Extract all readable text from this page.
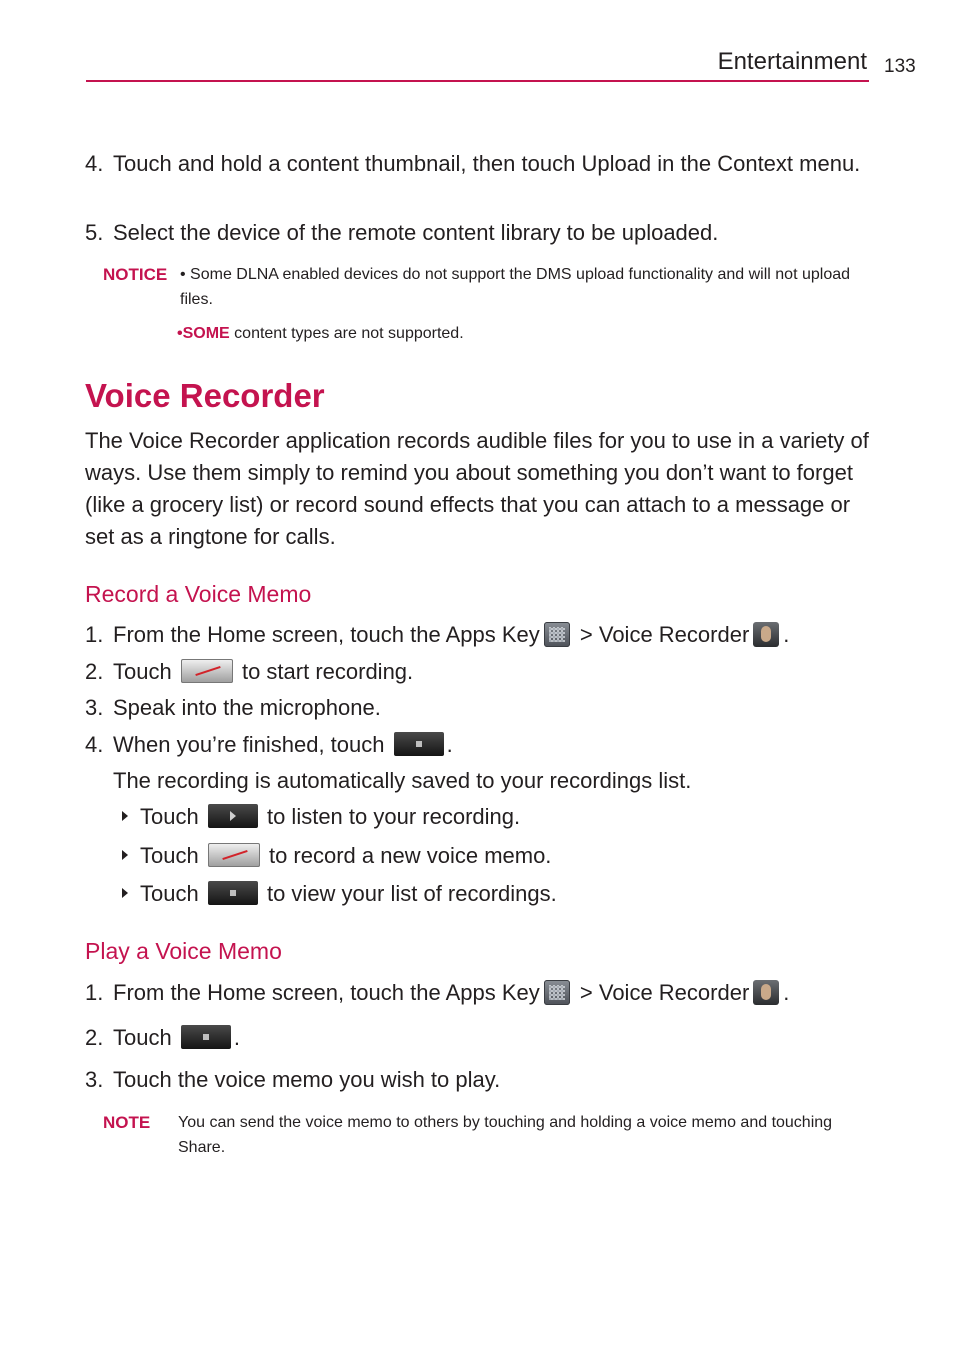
Entertainment 133
4. Touch and hold a content thumbnail, then touch Upload in the Context menu.
5. Select the device of the remote content library to be uploaded.
NOTICE • Some DLNA enabled devices do not support the DMS upload functionality and will not upload files.
•SOME content types are not supported.
Voice Recorder
The Voice Recorder application records audible files for you to use in a variety of ways. Use them simply to remind you about something you don’t want to forget (like a grocery list) or record sound effects that you can attach to a message or set as a ringtone for calls.
Record a Voice Memo
1. From the Home screen, touch the Apps Key > Voice Recorder .
2. Touch	to start recording.
3. Speak into the microphone.
4. When you’re finished, touch	.
The recording is automatically saved to your recordings list.
Touch	to listen to your recording.
Touch	to record a new voice memo.
Touch	to view your list of recordings.
Play a Voice Memo
1. From the Home screen, touch the Apps Key > Voice Recorder .
2. Touch	.
3. Touch the voice memo you wish to play.
NOTE You can send the voice memo to others by touching and holding a voice memo and touching Share.
